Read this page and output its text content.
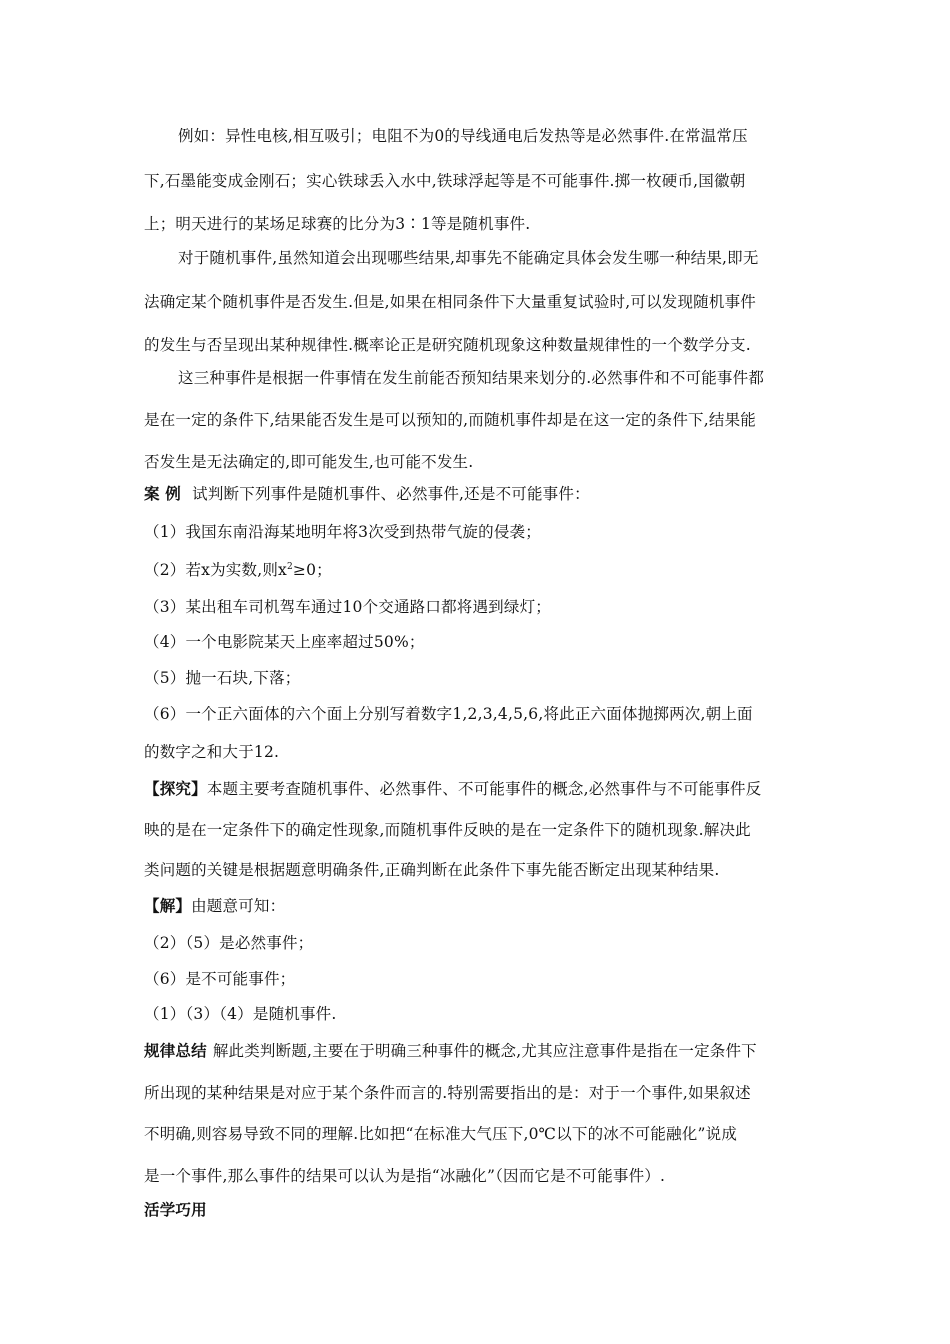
例如：异性电核,相互吸引；电阻不为0的导线通电后发热等是必然事件.在常温常压
下,石墨能变成金刚石；实心铁球丢入水中,铁球浮起等是不可能事件.掷一枚硬币,国徽朝
上；明天进行的某场足球赛的比分为3∶1等是随机事件.
对于随机事件,虽然知道会出现哪些结果,却事先不能确定具体会发生哪一种结果,即无
法确定某个随机事件是否发生.但是,如果在相同条件下大量重复试验时,可以发现随机事件
的发生与否呈现出某种规律性.概率论正是研究随机现象这种数量规律性的一个数学分支.
这三种事件是根据一件事情在发生前能否预知结果来划分的.必然事件和不可能事件都
是在一定的条件下,结果能否发生是可以预知的,而随机事件却是在这一定的条件下,结果能
否发生是无法确定的,即可能发生,也可能不发生.
案 例 试判断下列事件是随机事件、必然事件,还是不可能事件：
（1）我国东南沿海某地明年将3次受到热带气旋的侵袭；
（2）若x为实数,则$x^2\ge 0$；
（3）某出租车司机驾车通过10个交通路口都将遇到绿灯；
（4）一个电影院某天上座率超过50%；
（5）抛一石块,下落；
（6）一个正六面体的六个面上分别写着数字1,2,3,4,5,6,将此正六面体抛掷两次,朝上面
的数字之和大于12.
【探究】本题主要考查随机事件、必然事件、不可能事件的概念,必然事件与不可能事件反
映的是在一定条件下的确定性现象,而随机事件反映的是在一定条件下的随机现象.解决此
类问题的关键是根据题意明确条件,正确判断在此条件下事先能否断定出现某种结果.
【解】由题意可知：
（2）（5）是必然事件；
（6）是不可能事件；
（1）（3）（4）是随机事件.
规律总结 解此类判断题,主要在于明确三种事件的概念,尤其应注意事件是指在一定条件下
所出现的某种结果是对应于某个条件而言的.特别需要指出的是：对于一个事件,如果叙述
不明确,则容易导致不同的理解.比如把“在标准大气压下,0℃以下的冰不可能融化”说成
是一个事件,那么事件的结果可以认为是指“冰融化”（因而它是不可能事件）.
活学巧用
